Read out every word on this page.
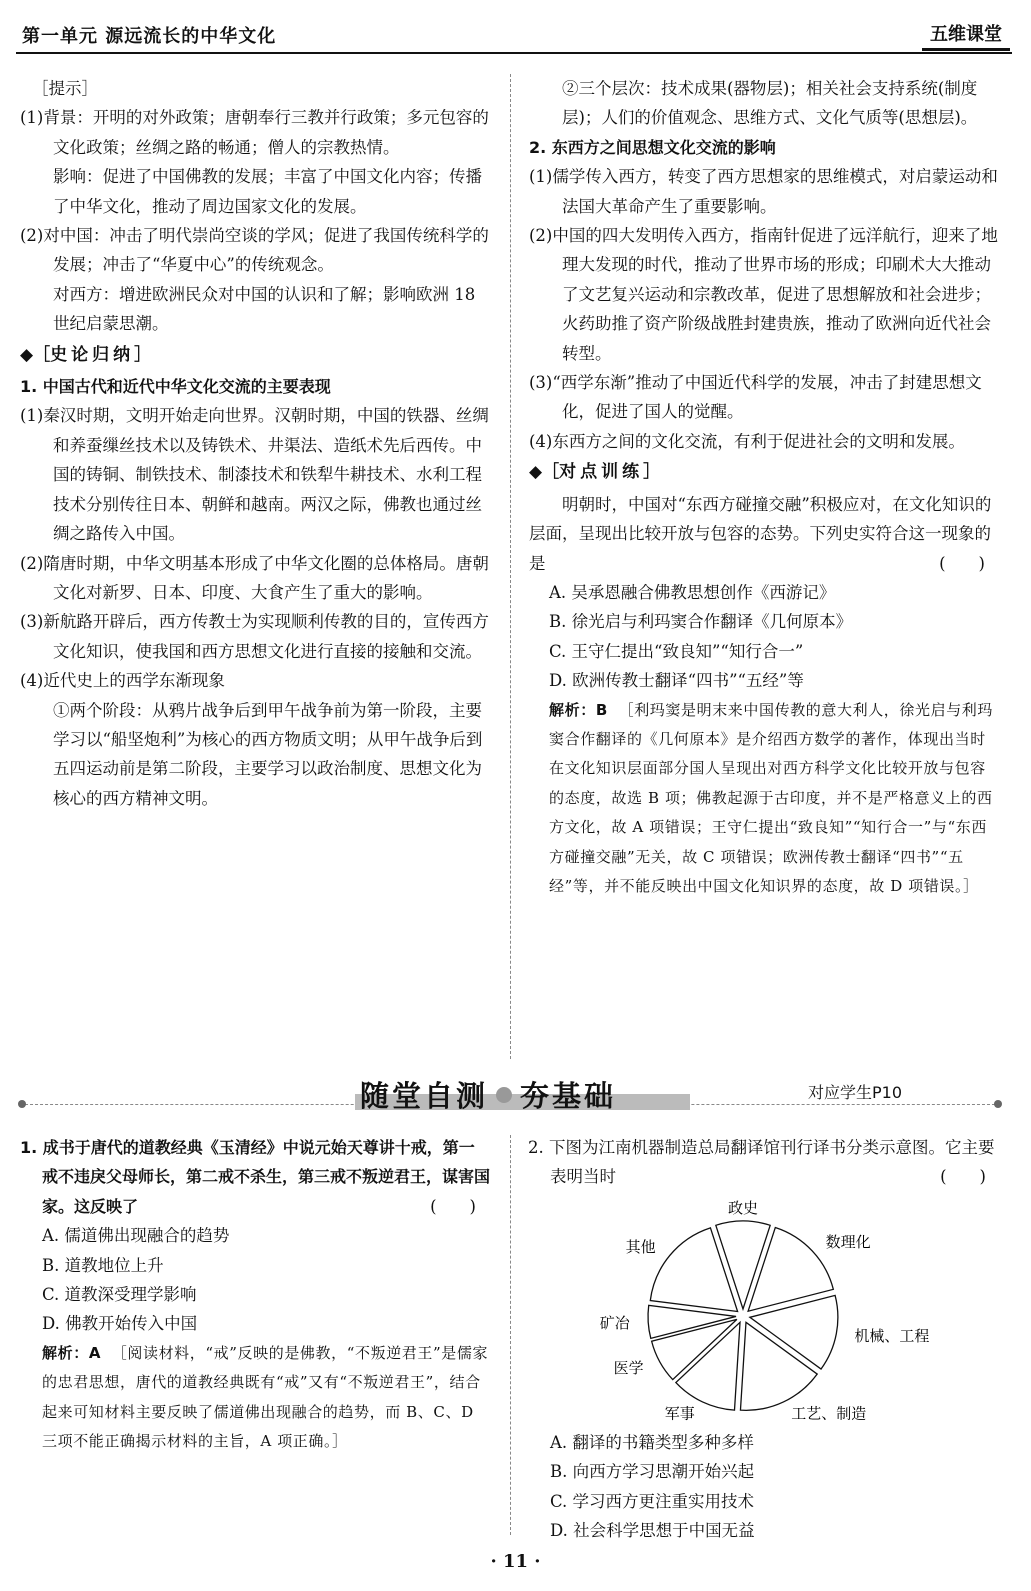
第一单元 源远流长的中华文化	五维课堂

［提示］

(1)背景：开明的对外政策；唐朝奉行三教并行政策；多元包容的文化政策；丝绸之路的畅通；僧人的宗教热情。

影响：促进了中国佛教的发展；丰富了中国文化内容；传播了中华文化，推动了周边国家文化的发展。

(2)对中国：冲击了明代崇尚空谈的学风；促进了我国传统科学的发展；冲击了“华夏中心”的传统观念。

对西方：增进欧洲民众对中国的认识和了解；影响欧洲 18 世纪启蒙思潮。

◆［史论归纳］

1. 中国古代和近代中华文化交流的主要表现

(1)秦汉时期，文明开始走向世界。汉朝时期，中国的铁器、丝绸和养蚕缫丝技术以及铸铁术、井渠法、造纸术先后西传。中国的铸铜、制铁技术、制漆技术和铁犁牛耕技术、水利工程技术分别传往日本、朝鲜和越南。两汉之际，佛教也通过丝绸之路传入中国。

(2)隋唐时期，中华文明基本形成了中华文化圈的总体格局。唐朝文化对新罗、日本、印度、大食产生了重大的影响。

(3)新航路开辟后，西方传教士为实现顺利传教的目的，宣传西方文化知识，使我国和西方思想文化进行直接的接触和交流。

(4)近代史上的西学东渐现象

①两个阶段：从鸦片战争后到甲午战争前为第一阶段，主要学习以“船坚炮利”为核心的西方物质文明；从甲午战争后到五四运动前是第二阶段，主要学习以政治制度、思想文化为核心的西方精神文明。

②三个层次：技术成果(器物层)；相关社会支持系统(制度层)；人们的价值观念、思维方式、文化气质等(思想层)。

2. 东西方之间思想文化交流的影响

(1)儒学传入西方，转变了西方思想家的思维模式，对启蒙运动和法国大革命产生了重要影响。

(2)中国的四大发明传入西方，指南针促进了远洋航行，迎来了地理大发现的时代，推动了世界市场的形成；印刷术大大推动了文艺复兴运动和宗教改革，促进了思想解放和社会进步；火药助推了资产阶级战胜封建贵族，推动了欧洲向近代社会转型。

(3)“西学东渐”推动了中国近代科学的发展，冲击了封建思想文化，促进了国人的觉醒。

(4)东西方之间的文化交流，有利于促进社会的文明和发展。

◆［对点训练］

明朝时，中国对“东西方碰撞交融”积极应对，在文化知识的层面，呈现出比较开放与包容的态势。下列史实符合这一现象的是	(　　)

A. 吴承恩融合佛教思想创作《西游记》

B. 徐光启与利玛窦合作翻译《几何原本》

C. 王守仁提出“致良知”“知行合一”

D. 欧洲传教士翻译“四书”“五经”等

解析：B ［利玛窦是明末来中国传教的意大利人，徐光启与利玛窦合作翻译的《几何原本》是介绍西方数学的著作，体现出当时在文化知识层面部分国人呈现出对西方科学文化比较开放与包容的态度，故选 B 项；佛教起源于古印度，并不是严格意义上的西方文化，故 A 项错误；王守仁提出“致良知”“知行合一”与“东西方碰撞交融”无关，故 C 项错误；欧洲传教士翻译“四书”“五经”等，并不能反映出中国文化知识界的态度，故 D 项错误。］

随堂自测 夯基础	对应学生P10

1. 成书于唐代的道教经典《玉清经》中说元始天尊讲十戒，第一戒不违戾父母师长，第二戒不杀生，第三戒不叛逆君王，谋害国家。这反映了	(　　)

A. 儒道佛出现融合的趋势

B. 道教地位上升

C. 道教深受理学影响

D. 佛教开始传入中国

解析：A ［阅读材料，“戒”反映的是佛教，“不叛逆君王”是儒家的忠君思想，唐代的道教经典既有“戒”又有“不叛逆君王”，结合起来可知材料主要反映了儒道佛出现融合的趋势，而 B、C、D 三项不能正确揭示材料的主旨，A 项正确。］

2. 下图为江南机器制造总局翻译馆刊行译书分类示意图。它主要表明当时	(　　)

政史
数理化
机械、工程
工艺、制造
军事
医学
矿冶
其他

A. 翻译的书籍类型多种多样

B. 向西方学习思潮开始兴起

C. 学习西方更注重实用技术

D. 社会科学思想于中国无益

· 11 ·
